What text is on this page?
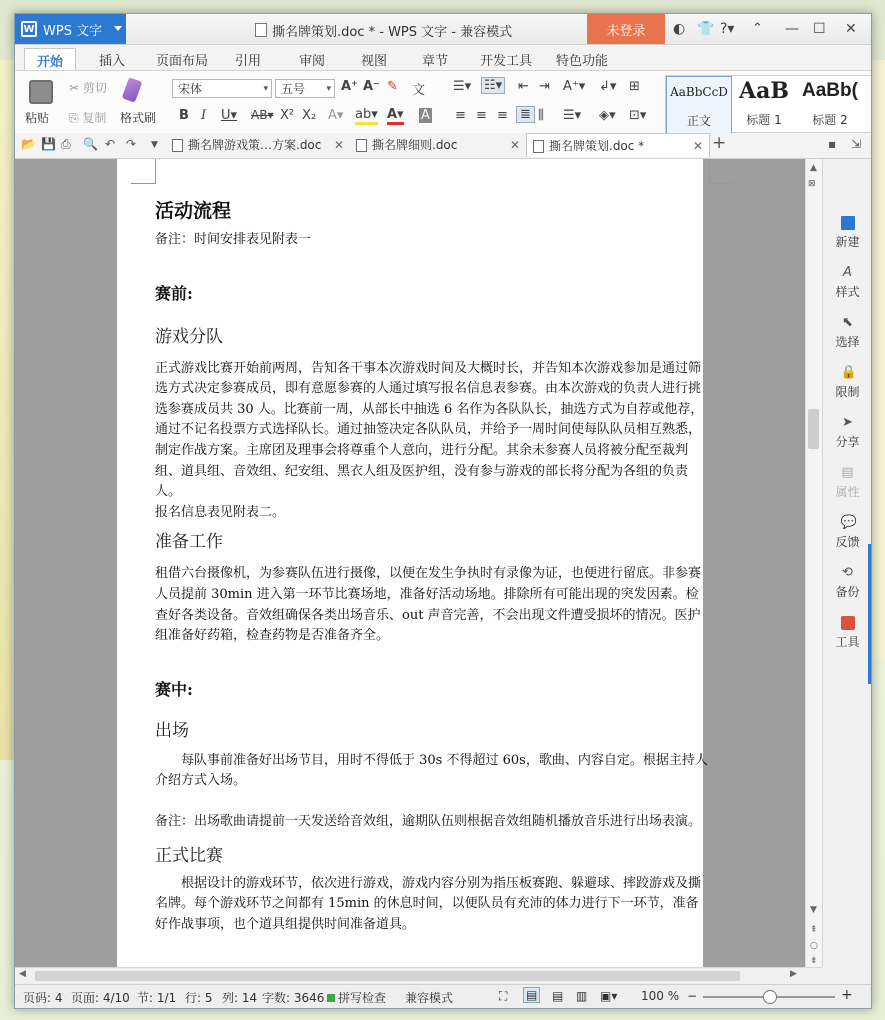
W WPS 文字	撕名牌策划.doc * - WPS 文字 - 兼容模式	未登录	◐ 👕 ?▾ ⌃ — ☐ ✕
开始	插入 页面布局 引用	审阅	视图	章节 开发工具 特色功能
粘贴
✂ 剪切
⎘ 复制 格式刷
宋体 ▾	五号 ▾	A⁺ A⁻ ✎ 文
B I U▾ AB▾ X² X₂ A▾ ab▾ A▾ A
☰▾ ☷▾ ⇤ ⇥ A⁺▾ ↲▾ ⊞
≡ ≡ ≡ ≣ ⫼ ☰▾ ◈▾ ⊡▾
AaBbCcD
正文
AaB
标题 1
AaBb(
标题 2
📂 💾 ⎙ 🔍 ↶ ↷ ▼	撕名牌游戏策…方案.doc ✕	撕名牌细则.doc	✕	撕名牌策划.doc *	✕ +	▪ ⇲

活动流程

备注：时间安排表见附表一

赛前:

游戏分队

正式游戏比赛开始前两周，告知各干事本次游戏时间及大概时长，并告知本次游戏参加是通过筛选方式决定参赛成员，即有意愿参赛的人通过填写报名信息表参赛。由本次游戏的负责人进行挑选参赛成员共 30 人。比赛前一周，从部长中抽选 6 名作为各队队长，抽选方式为自荐或他荐，通过不记名投票方式选择队长。通过抽签决定各队队员，并给予一周时间使每队队员相互熟悉，制定作战方案。主席团及理事会将尊重个人意向，进行分配。其余未参赛人员将被分配至裁判组、道具组、音效组、纪安组、黑衣人组及医护组，没有参与游戏的部长将分配为各组的负责人。

报名信息表见附表二。

准备工作

租借六台摄像机，为参赛队伍进行摄像，以便在发生争执时有录像为证，也便进行留底。非参赛人员提前 30min 进入第一环节比赛场地，准备好活动场地。排除所有可能出现的突发因素。检查好各类设备。音效组确保各类出场音乐、out 声音完善，不会出现文件遭受损坏的情况。医护组准备好药箱，检查药物是否准备齐全。

赛中:

出场

每队事前准备好出场节目，用时不得低于 30s 不得超过 60s，歌曲、内容自定。根据主持人介绍方式入场。

备注：出场歌曲请提前一天发送给音效组，逾期队伍则根据音效组随机播放音乐进行出场表演。

正式比赛

根据设计的游戏环节，依次进行游戏，游戏内容分别为指压板赛跑、躲避球、摔跤游戏及撕名牌。每个游戏环节之间都有 15min 的休息时间，以便队员有充沛的体力进行下一环节，准备好作战事项，也个道具组提供时间准备道具。

▲
⊠
▼
⇞
○
⇟
新建
A
样式
⬉
选择
🔒
限制
➤
分享
▤
属性
💬
反馈
⟲
备份
工具
◀	▶
页码: 4 页面: 4/10 节: 1/1 行: 5 列: 14 字数: 3646	拼写检查 兼容模式	⛶ ▤ ▤ ▥ ▣▾ 100 % −	+
